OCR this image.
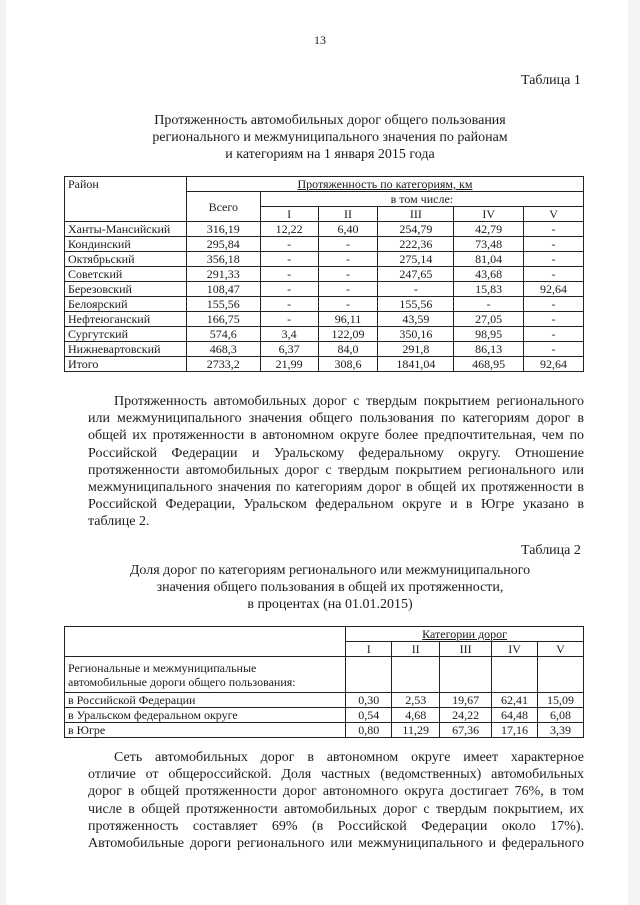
13
Таблица 1
Протяженность автомобильных дорог общего пользования
регионального и межмуниципального значения по районам
и категориям на 1 января 2015 года
Район	Протяженность по категориям, км					
	Всего	в том числе:				
		I	II	III	IV	V
Ханты-Мансийский	316,19	12,22	6,40	254,79	42,79	-
Кондинский	295,84	-	-	222,36	73,48	-
Октябрьский	356,18	-	-	275,14	81,04	-
Советский	291,33	-	-	247,65	43,68	-
Березовский	108,47	-	-	-	15,83	92,64
Белоярский	155,56	-	-	155,56	-	-
Нефтеюганский	166,75	-	96,11	43,59	27,05	-
Сургутский	574,6	3,4	122,09	350,16	98,95	-
Нижневартовский	468,3	6,37	84,0	291,8	86,13	-
Итого	2733,2	21,99	308,6	1841,04	468,95	92,64
Протяженность автомобильных дорог с твердым покрытием регионального
или межмуниципального значения общего пользования по категориям дорог в
общей их протяженности в автономном округе более предпочтительная, чем по
Российской Федерации и Уральскому федеральному округу. Отношение
протяженности автомобильных дорог с твердым покрытием регионального или
межмуниципального значения по категориям дорог в общей их протяженности в
Российской Федерации, Уральском федеральном округе и в Югре указано в
таблице 2.
Таблица 2
Доля дорог по категориям регионального или межмуниципального
значения общего пользования в общей их протяженности,
в процентах (на 01.01.2015)
	Категории дорог				
	I	II	III	IV	V

Региональные и межмуниципальные
автомобильные дороги общего пользования:					

в Российской Федерации	0,30	2,53	19,67	62,41	15,09
в Уральском федеральном округе	0,54	4,68	24,22	64,48	6,08
в Югре	0,80	11,29	67,36	17,16	3,39
Сеть автомобильных дорог в автономном округе имеет характерное
отличие от общероссийской. Доля частных (ведомственных) автомобильных
дорог в общей протяженности дорог автономного округа достигает 76%, в том
числе в общей протяженности автомобильных дорог с твердым покрытием, их
протяженность составляет 69% (в Российской Федерации около 17%).
Автомобильные дороги регионального или межмуниципального и федерального
